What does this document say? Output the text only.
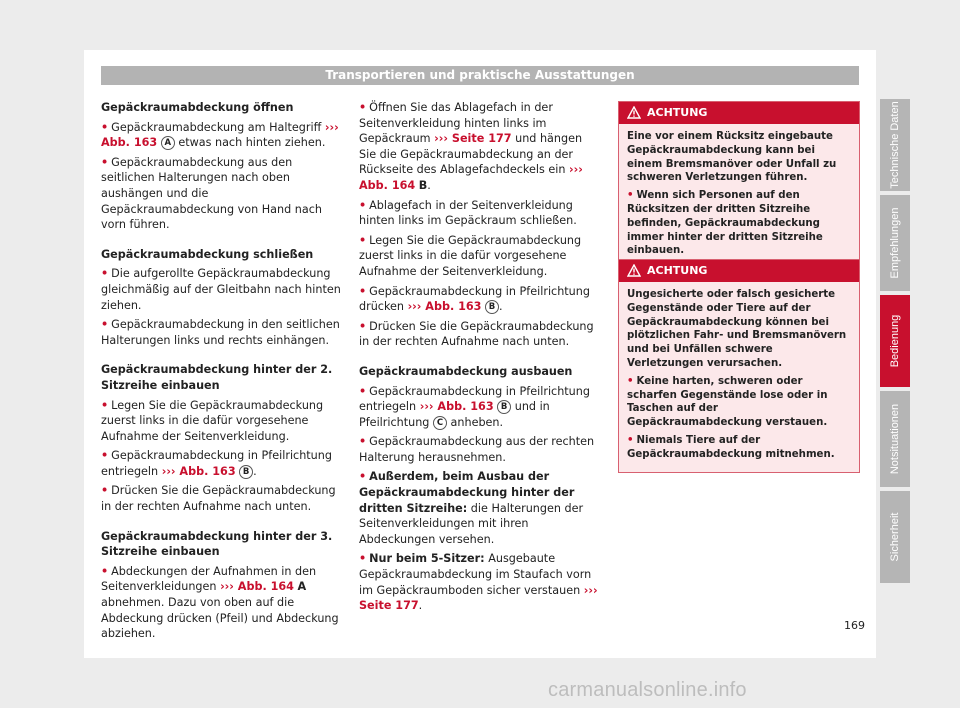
Transportieren und praktische Ausstattungen
Gepäckraumabdeckung öffnen

• Gepäckraumabdeckung am Haltegriff ››› Abb. 163 A etwas nach hinten ziehen.

• Gepäckraumabdeckung aus den seitlichen Halterungen nach oben aushängen und die Gepäckraumabdeckung von Hand nach vorn führen.

Gepäckraumabdeckung schließen

• Die aufgerollte Gepäckraumabdeckung gleichmäßig auf der Gleitbahn nach hinten ziehen.

• Gepäckraumabdeckung in den seitlichen Halterungen links und rechts einhängen.

Gepäckraumabdeckung hinter der 2. Sitzreihe einbauen

• Legen Sie die Gepäckraumabdeckung zuerst links in die dafür vorgesehene Aufnahme der Seitenverkleidung.

• Gepäckraumabdeckung in Pfeilrichtung entriegeln ››› Abb. 163 B .

• Drücken Sie die Gepäckraumabdeckung in der rechten Aufnahme nach unten.

Gepäckraumabdeckung hinter der 3. Sitzreihe einbauen

• Abdeckungen der Aufnahmen in den Seitenverkleidungen ››› Abb. 164 A abnehmen. Dazu von oben auf die Abdeckung drücken (Pfeil) und Abdeckung abziehen.

• Öffnen Sie das Ablagefach in der Seitenverkleidung hinten links im Gepäckraum ››› Seite 177 und hängen Sie die Gepäckraumabdeckung an der Rückseite des Ablagefachdeckels ein ››› Abb. 164 B.

• Ablagefach in der Seitenverkleidung hinten links im Gepäckraum schließen.

• Legen Sie die Gepäckraumabdeckung zuerst links in die dafür vorgesehene Aufnahme der Seitenverkleidung.

• Gepäckraumabdeckung in Pfeilrichtung drücken ››› Abb. 163 B .

• Drücken Sie die Gepäckraumabdeckung in der rechten Aufnahme nach unten.

Gepäckraumabdeckung ausbauen

• Gepäckraumabdeckung in Pfeilrichtung entriegeln ››› Abb. 163 B und in Pfeilrichtung C anheben.

• Gepäckraumabdeckung aus der rechten Halterung herausnehmen.

• Außerdem, beim Ausbau der Gepäckraumabdeckung hinter der dritten Sitzreihe: die Halterungen der Seitenverkleidungen mit ihren Abdeckungen versehen.

• Nur beim 5-Sitzer: Ausgebaute Gepäckraumabdeckung im Staufach vorn im Gepäckraumboden sicher verstauen ››› Seite 177.

ACHTUNG

Eine vor einem Rücksitz eingebaute Gepäckraumabdeckung kann bei einem Bremsmanöver oder Unfall zu schweren Verletzungen führen.

• Wenn sich Personen auf den Rücksitzen der dritten Sitzreihe befinden, Gepäckraumabdeckung immer hinter der dritten Sitzreihe einbauen.

ACHTUNG

Ungesicherte oder falsch gesicherte Gegenstände oder Tiere auf der Gepäckraumabdeckung können bei plötzlichen Fahr- und Bremsmanövern und bei Unfällen schwere Verletzungen verursachen.

• Keine harten, schweren oder scharfen Gegenstände lose oder in Taschen auf der Gepäckraumabdeckung verstauen.

• Niemals Tiere auf der Gepäckraumabdeckung mitnehmen.

Technische Daten
Empfehlungen
Bedienung
Notsituationen
Sicherheit
169
carmanualsonline.info
